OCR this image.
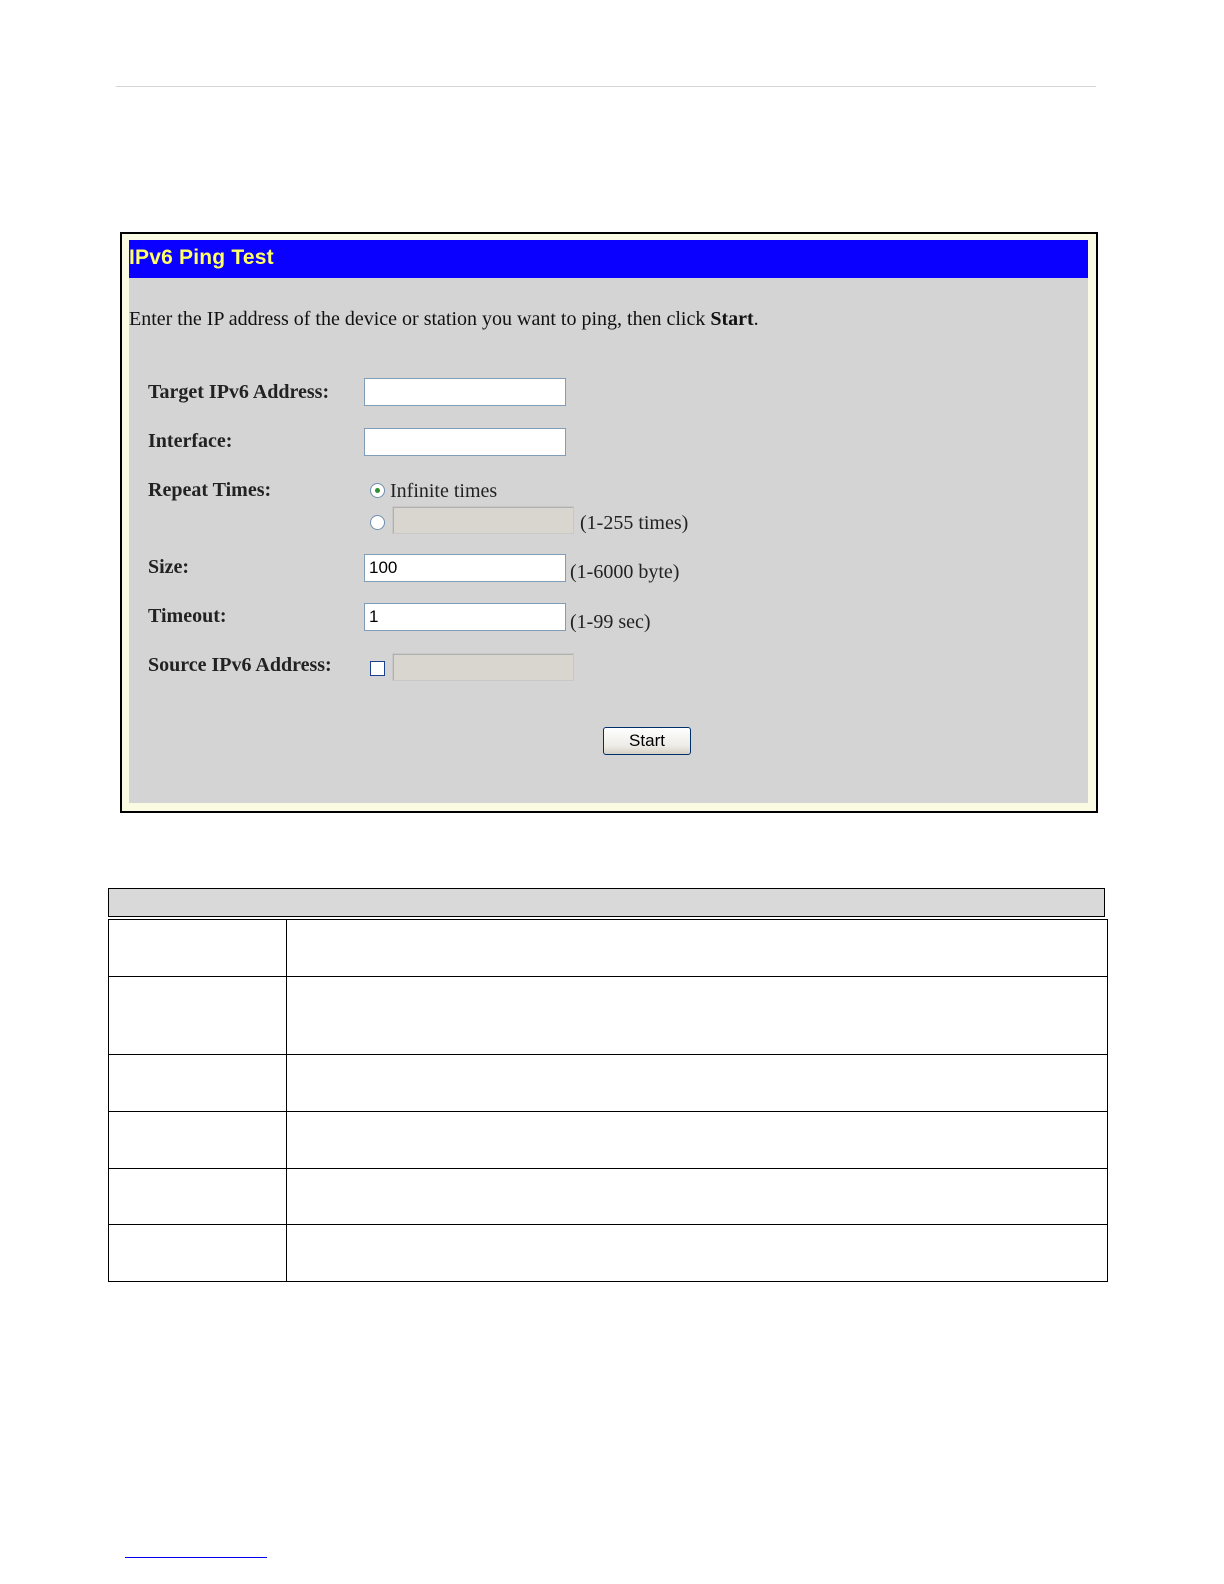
IPv6 Ping Test
Enter the IP address of the device or station you want to ping, then click Start.
Target IPv6 Address:
Interface:
Repeat Times:	Infinite times
(1-255 times)
Size:	100	(1-6000 byte)
Timeout:	1	(1-99 sec)
Source IPv6 Address:
Start
